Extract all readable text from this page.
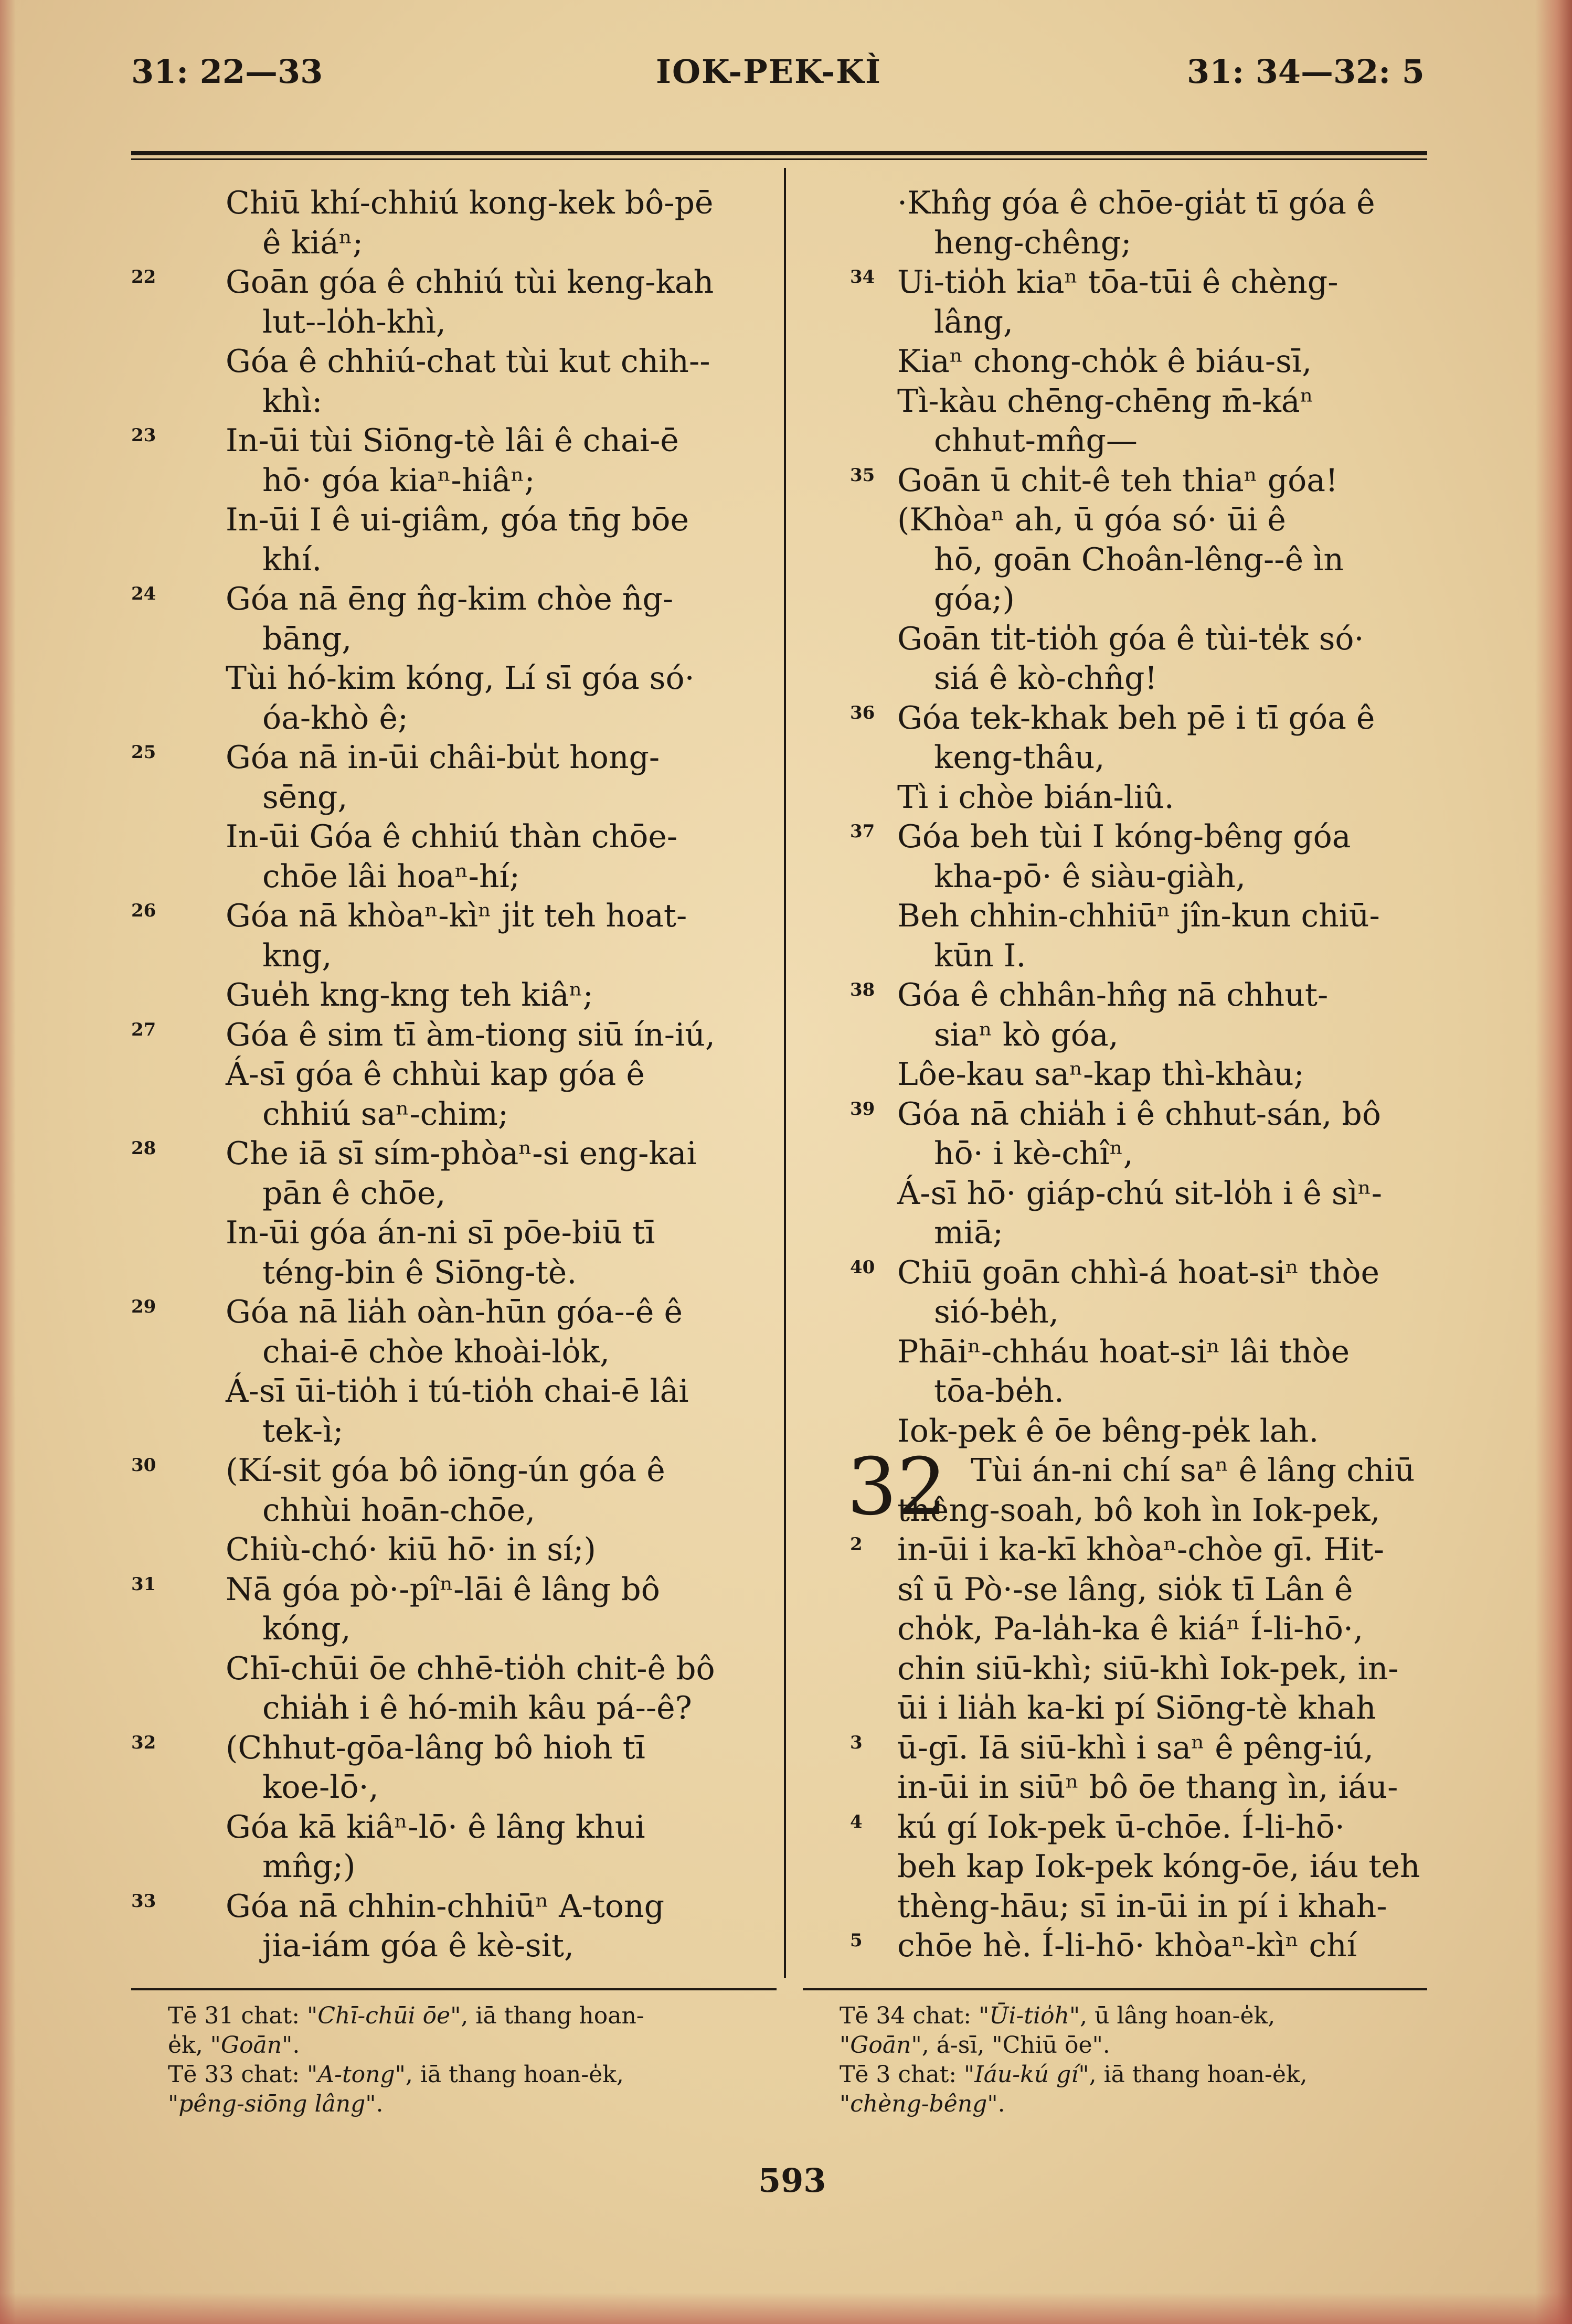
31: 22—33	IOK-PEK-KÌ	31: 34—32: 5
Chiū khí-chhiú kong-kek bô-pē
ê kiáⁿ;
22 Goān góa ê chhiú tùi keng-kah
lut--lo̍h-khì,
Góa ê chhiú-chat tùi kut chih--
khì:
23 In-ūi tùi Siōng-tè lâi ê chai-ē
hō· góa kiaⁿ-hiâⁿ;
In-ūi I ê ui-giâm, góa tn̄g bōe
khí.
24 Góa nā ēng n̂g-kim chòe n̂g-
bāng,
Tùi hó-kim kóng, Lí sī góa só·
óa-khò ê;
25 Góa nā in-ūi châi-bu̍t hong-
sēng,
In-ūi Góa ê chhiú thàn chōe-
chōe lâi hoaⁿ-hí;
26 Góa nā khòaⁿ-kìⁿ ji̍t teh hoat-
kng,
Gue̍h kng-kng teh kiâⁿ;
27 Góa ê sim tī àm-tiong siū ín-iú,
Á-sī góa ê chhùi kap góa ê
chhiú saⁿ-chim;
28 Che iā sī sím-phòaⁿ-si eng-kai
pān ê chōe,
In-ūi góa án-ni sī pōe-biū tī
téng-bin ê Siōng-tè.
29 Góa nā lia̍h oàn-hūn góa--ê ê
chai-ē chòe khoài-lo̍k,
Á-sī ūi-tio̍h i tú-tio̍h chai-ē lâi
tek-ì;
30 (Kí-sit góa bô iōng-ún góa ê
chhùi hoān-chōe,
Chiù-chó· kiū hō· in sí;)
31 Nā góa pò·-pîⁿ-lāi ê lâng bô
kóng,
Chī-chūi ōe chhē-tio̍h chit-ê bô
chia̍h i ê hó-mih kâu pá--ê?
32 (Chhut-gōa-lâng bô hioh tī
koe-lō·,
Góa kā kiâⁿ-lō· ê lâng khui
mn̂g;)
33 Góa nā chhin-chhiūⁿ A-tong
jia-iám góa ê kè-sit,
·Khn̂g góa ê chōe-gia̍t tī góa ê
heng-chêng;
34 Ui-tio̍h kiaⁿ tōa-tūi ê chèng-
lâng,
Kiaⁿ chong-cho̍k ê biáu-sī,
Tì-kàu chēng-chēng m̄-káⁿ
chhut-mn̂g—
35 Goān ū chi̍t-ê teh thiaⁿ góa!
(Khòaⁿ ah, ū góa só· ūi ê
hō, goān Choân-lêng--ê ìn
góa;)
Goān ti̍t-tio̍h góa ê tùi-te̍k só·
siá ê kò-chn̂g!
36 Góa tek-khak beh pē i tī góa ê
keng-thâu,
Tì i chòe bián-liû.
37 Góa beh tùi I kóng-bêng góa
kha-pō· ê siàu-giàh,
Beh chhin-chhiūⁿ jîn-kun chiū-
kūn I.
38 Góa ê chhân-hn̂g nā chhut-
siaⁿ kò góa,
Lôe-kau saⁿ-kap thì-khàu;
39 Góa nā chia̍h i ê chhut-sán, bô
hō· i kè-chîⁿ,
Á-sī hō· giáp-chú sit-lo̍h i ê sìⁿ-
miā;
40 Chiū goān chhì-á hoat-siⁿ thòe
sió-be̍h,
Phāiⁿ-chháu hoat-siⁿ lâi thòe
tōa-be̍h.
Iok-pek ê ōe bêng-pe̍k lah.
Tùi án-ni chí saⁿ ê lâng chiū
32
thêng-soah, bô koh ìn Iok-pek,
2 in-ūi i ka-kī khòaⁿ-chòe gī. Hit-
sî ū Pò·-se lâng, sio̍k tī Lân ê
cho̍k, Pa-la̍h-ka ê kiáⁿ Í-li-hō·,
chin siū-khì; siū-khì Iok-pek, in-
ūi i lia̍h ka-ki pí Siōng-tè khah
3 ū-gī. Iā siū-khì i saⁿ ê pêng-iú,
in-ūi in siūⁿ bô ōe thang ìn, iáu-
4 kú gí Iok-pek ū-chōe. Í-li-hō·
beh kap Iok-pek kóng-ōe, iáu teh
thèng-hāu; sī in-ūi in pí i khah-
5 chōe hè. Í-li-hō· khòaⁿ-kìⁿ chí
Tē 31 chat: "Chī-chūi ōe", iā thang hoan-
e̍k, "Goān".
Tē 33 chat: "A-tong", iā thang hoan-e̍k,
"pêng-siōng lâng".
Tē 34 chat: "Ūi-tio̍h", ū lâng hoan-e̍k,
"Goān", á-sī, "Chiū ōe".
Tē 3 chat: "Iáu-kú gí", iā thang hoan-e̍k,
"chèng-bêng".
593
